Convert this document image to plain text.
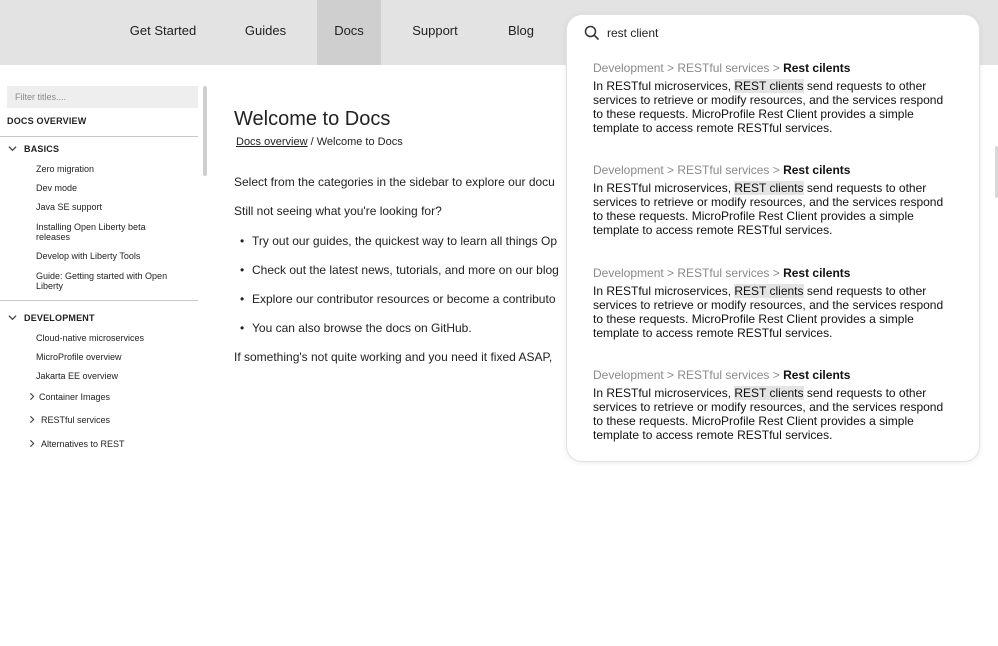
Get Started	Guides	Docs	Support	Blog
Filter titles....
DOCS OVERVIEW
BASICS
Zero migration
Dev mode
Java SE support
Installing Open Liberty beta releases
Develop with Liberty Tools
Guide: Getting started with Open Liberty
DEVELOPMENT
Cloud-native microservices
MicroProfile overview
Jakarta EE overview
Container Images
RESTful services
Alternatives to REST
Welcome to Docs
Docs overview / Welcome to Docs
Select from the categories in the sidebar to explore our docu
Still not seeing what you're looking for?
• Try out our guides, the quickest way to learn all things Op
• Check out the latest news, tutorials, and more on our blog
• Explore our contributor resources or become a contributo
• You can also browse the docs on GitHub.
If something's not quite working and you need it fixed ASAP,
rest client
Development > RESTful services > Rest cilents
In RESTful microservices, REST clients send requests to other services to retrieve or modify resources, and the services respond to these requests. MicroProfile Rest Client provides a simple template to access remote RESTful services.
Development > RESTful services > Rest cilents
In RESTful microservices, REST clients send requests to other services to retrieve or modify resources, and the services respond to these requests. MicroProfile Rest Client provides a simple template to access remote RESTful services.
Development > RESTful services > Rest cilents
In RESTful microservices, REST clients send requests to other services to retrieve or modify resources, and the services respond to these requests. MicroProfile Rest Client provides a simple template to access remote RESTful services.
Development > RESTful services > Rest cilents
In RESTful microservices, REST clients send requests to other services to retrieve or modify resources, and the services respond to these requests. MicroProfile Rest Client provides a simple template to access remote RESTful services.
